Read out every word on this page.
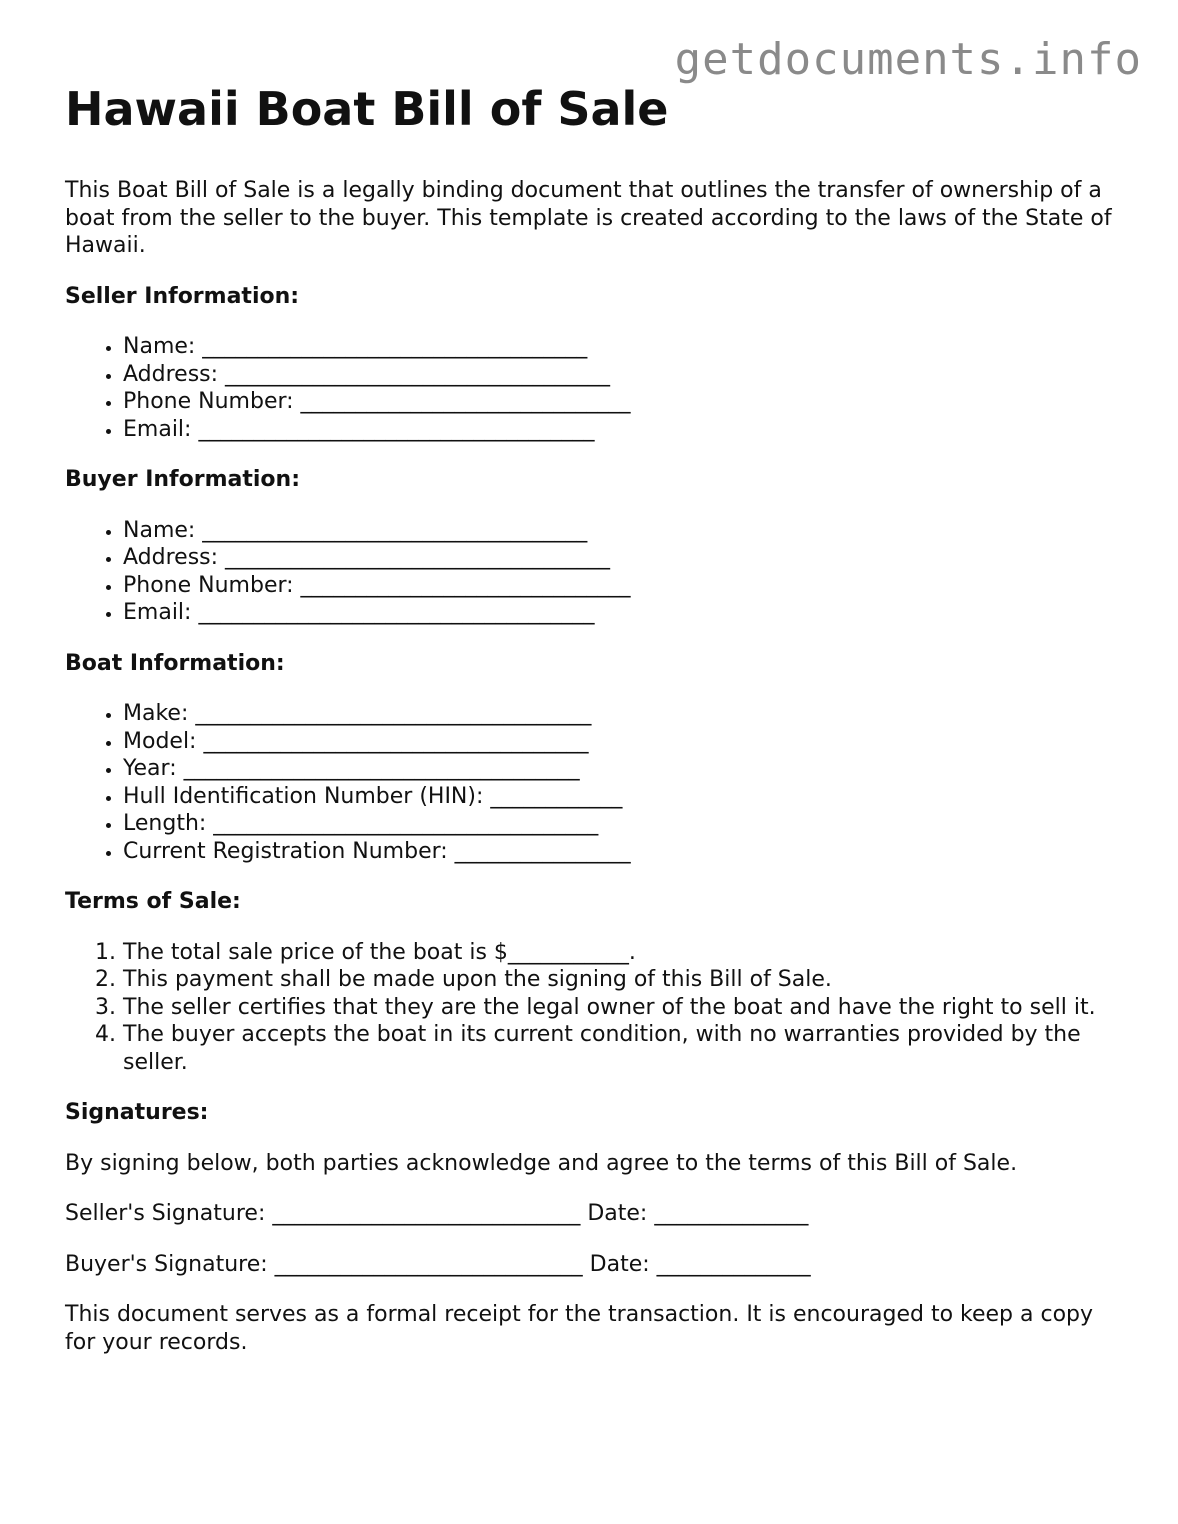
getdocuments.info
Hawaii Boat Bill of Sale

This Boat Bill of Sale is a legally binding document that outlines the transfer of ownership of a boat from the seller to the buyer. This template is created according to the laws of the State of Hawaii.

Seller Information:
• Name: ___________________________________
• Address: ___________________________________
• Phone Number: ______________________________
• Email: ____________________________________
Buyer Information:
• Name: ___________________________________
• Address: ___________________________________
• Phone Number: ______________________________
• Email: ____________________________________
Boat Information:
• Make: ____________________________________
• Model: ___________________________________
• Year: ____________________________________
• Hull Identification Number (HIN): ____________
• Length: ___________________________________
• Current Registration Number: ________________
Terms of Sale:
1. The total sale price of the boat is $___________.
2. This payment shall be made upon the signing of this Bill of Sale.
3. The seller certifies that they are the legal owner of the boat and have the right to sell it.
4. The buyer accepts the boat in its current condition, with no warranties provided by the seller.
Signatures:

By signing below, both parties acknowledge and agree to the terms of this Bill of Sale.

Seller's Signature: ____________________________ Date: ______________

Buyer's Signature: ____________________________ Date: ______________

This document serves as a formal receipt for the transaction. It is encouraged to keep a copy for your records.
